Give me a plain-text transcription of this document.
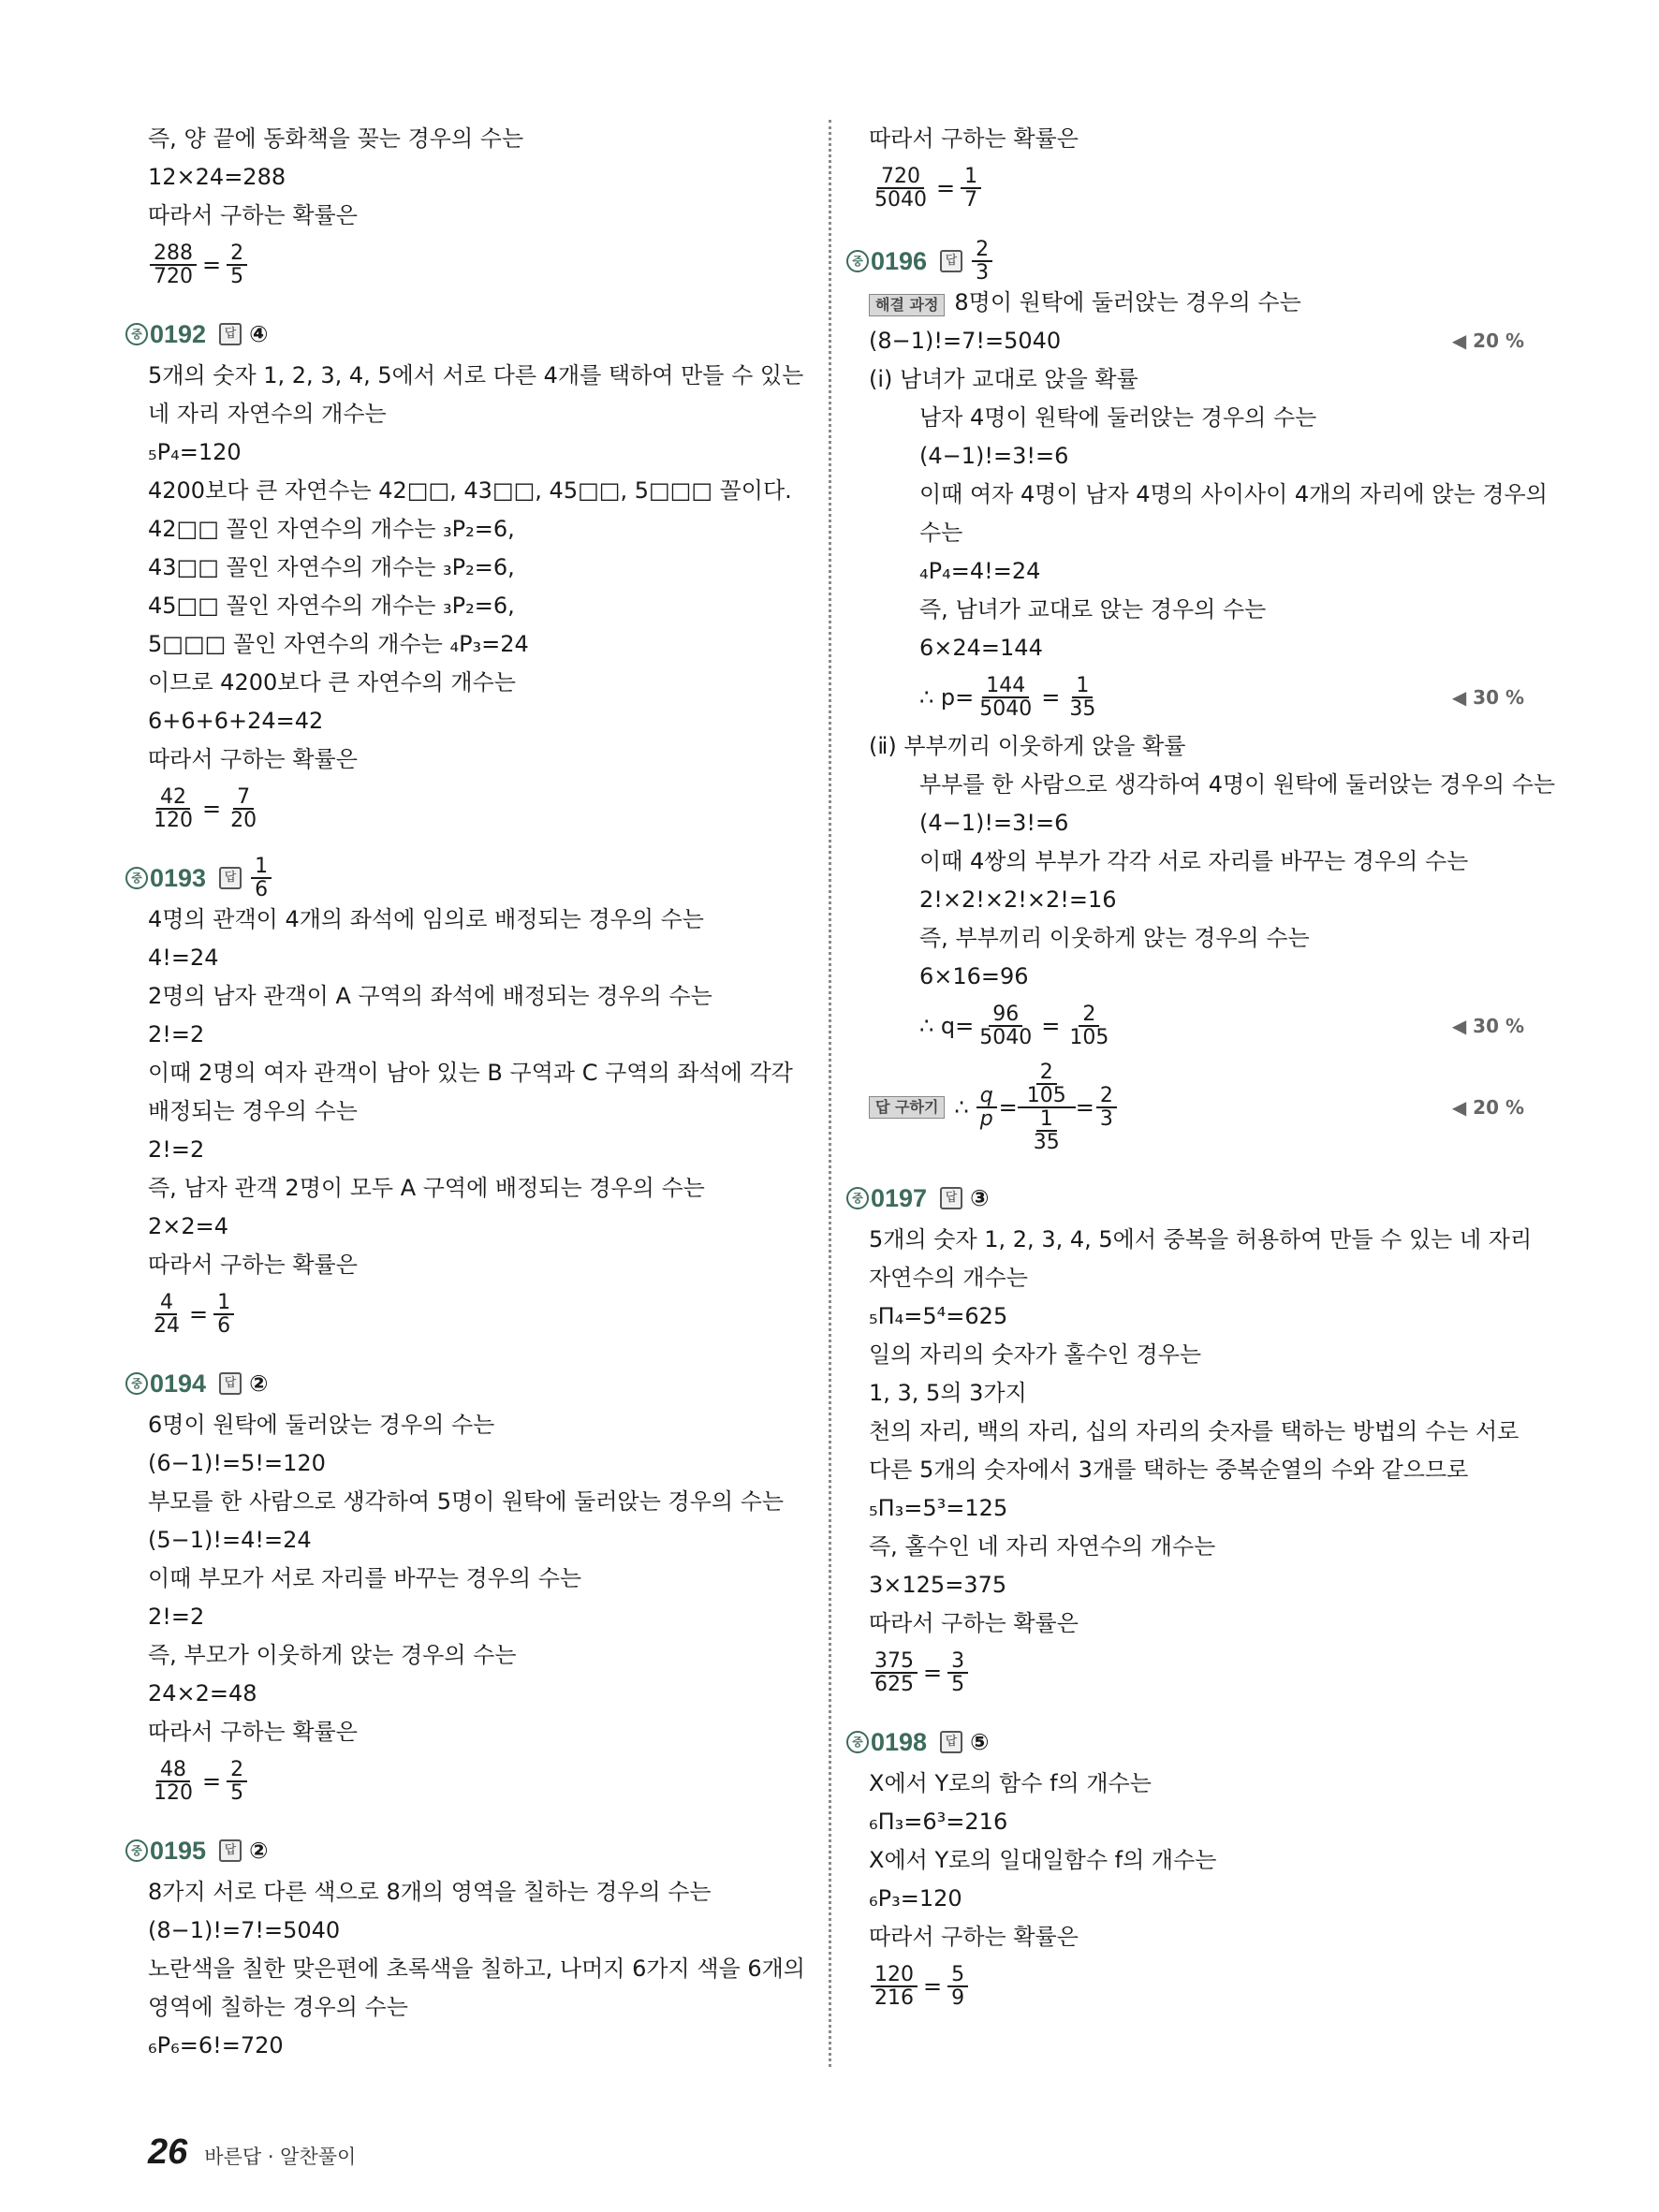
즉, 양 끝에 동화책을 꽂는 경우의 수는
12×24=288
따라서 구하는 확률은
$\frac{288}{720} = \frac{2}{5}$
중 0192	답 ④
5개의 숫자 1, 2, 3, 4, 5에서 서로 다른 4개를 택하여 만들 수 있는
네 자리 자연수의 개수는
₅P₄=120
4200보다 큰 자연수는 42□□, 43□□, 45□□, 5□□□ 꼴이다.
42□□ 꼴인 자연수의 개수는 ₃P₂=6,
43□□ 꼴인 자연수의 개수는 ₃P₂=6,
45□□ 꼴인 자연수의 개수는 ₃P₂=6,
5□□□ 꼴인 자연수의 개수는 ₄P₃=24
이므로 4200보다 큰 자연수의 개수는
6+6+6+24=42
따라서 구하는 확률은
$\frac{42}{120} = \frac{7}{20}$
중 0193	답 $\frac{1}{6}$
4명의 관객이 4개의 좌석에 임의로 배정되는 경우의 수는
4!=24
2명의 남자 관객이 A 구역의 좌석에 배정되는 경우의 수는
2!=2
이때 2명의 여자 관객이 남아 있는 B 구역과 C 구역의 좌석에 각각
배정되는 경우의 수는
2!=2
즉, 남자 관객 2명이 모두 A 구역에 배정되는 경우의 수는
2×2=4
따라서 구하는 확률은
$\frac{4}{24} = \frac{1}{6}$
중 0194	답 ②
6명이 원탁에 둘러앉는 경우의 수는
(6−1)!=5!=120
부모를 한 사람으로 생각하여 5명이 원탁에 둘러앉는 경우의 수는
(5−1)!=4!=24
이때 부모가 서로 자리를 바꾸는 경우의 수는
2!=2
즉, 부모가 이웃하게 앉는 경우의 수는
24×2=48
따라서 구하는 확률은
$\frac{48}{120} = \frac{2}{5}$
중 0195	답 ②
8가지 서로 다른 색으로 8개의 영역을 칠하는 경우의 수는
(8−1)!=7!=5040
노란색을 칠한 맞은편에 초록색을 칠하고, 나머지 6가지 색을 6개의
영역에 칠하는 경우의 수는
₆P₆=6!=720
따라서 구하는 확률은
$\frac{720}{5040} = \frac{1}{7}$
중 0196	답 $\frac{2}{3}$
해결 과정 8명이 원탁에 둘러앉는 경우의 수는
(8−1)!=7!=5040	◀ 20 %
(ⅰ) 남녀가 교대로 앉을 확률
남자 4명이 원탁에 둘러앉는 경우의 수는
(4−1)!=3!=6
이때 여자 4명이 남자 4명의 사이사이 4개의 자리에 앉는 경우의
수는
₄P₄=4!=24
즉, 남녀가 교대로 앉는 경우의 수는
6×24=144
∴ $p= \frac{144}{5040} = \frac{1}{35}$	◀ 30 %
(ⅱ) 부부끼리 이웃하게 앉을 확률
부부를 한 사람으로 생각하여 4명이 원탁에 둘러앉는 경우의 수는
(4−1)!=3!=6
이때 4쌍의 부부가 각각 서로 자리를 바꾸는 경우의 수는
2!×2!×2!×2!=16
즉, 부부끼리 이웃하게 앉는 경우의 수는
6×16=96
∴ $q= \frac{96}{5040} = \frac{2}{105}$	◀ 30 %
답 구하기 ∴ $\frac{q}{p} = \frac{\frac{2}{105}}{\frac{1}{35}} = \frac{2}{3}$	◀ 20 %
중 0197	답 ③
5개의 숫자 1, 2, 3, 4, 5에서 중복을 허용하여 만들 수 있는 네 자리
자연수의 개수는
₅Π₄=5⁴=625
일의 자리의 숫자가 홀수인 경우는
1, 3, 5의 3가지
천의 자리, 백의 자리, 십의 자리의 숫자를 택하는 방법의 수는 서로
다른 5개의 숫자에서 3개를 택하는 중복순열의 수와 같으므로
₅Π₃=5³=125
즉, 홀수인 네 자리 자연수의 개수는
3×125=375
따라서 구하는 확률은
$\frac{375}{625} = \frac{3}{5}$
중 0198	답 ⑤
X에서 Y로의 함수 f의 개수는
₆Π₃=6³=216
X에서 Y로의 일대일함수 f의 개수는
₆P₃=120
따라서 구하는 확률은
$\frac{120}{216} = \frac{5}{9}$
26 바른답 · 알찬풀이
